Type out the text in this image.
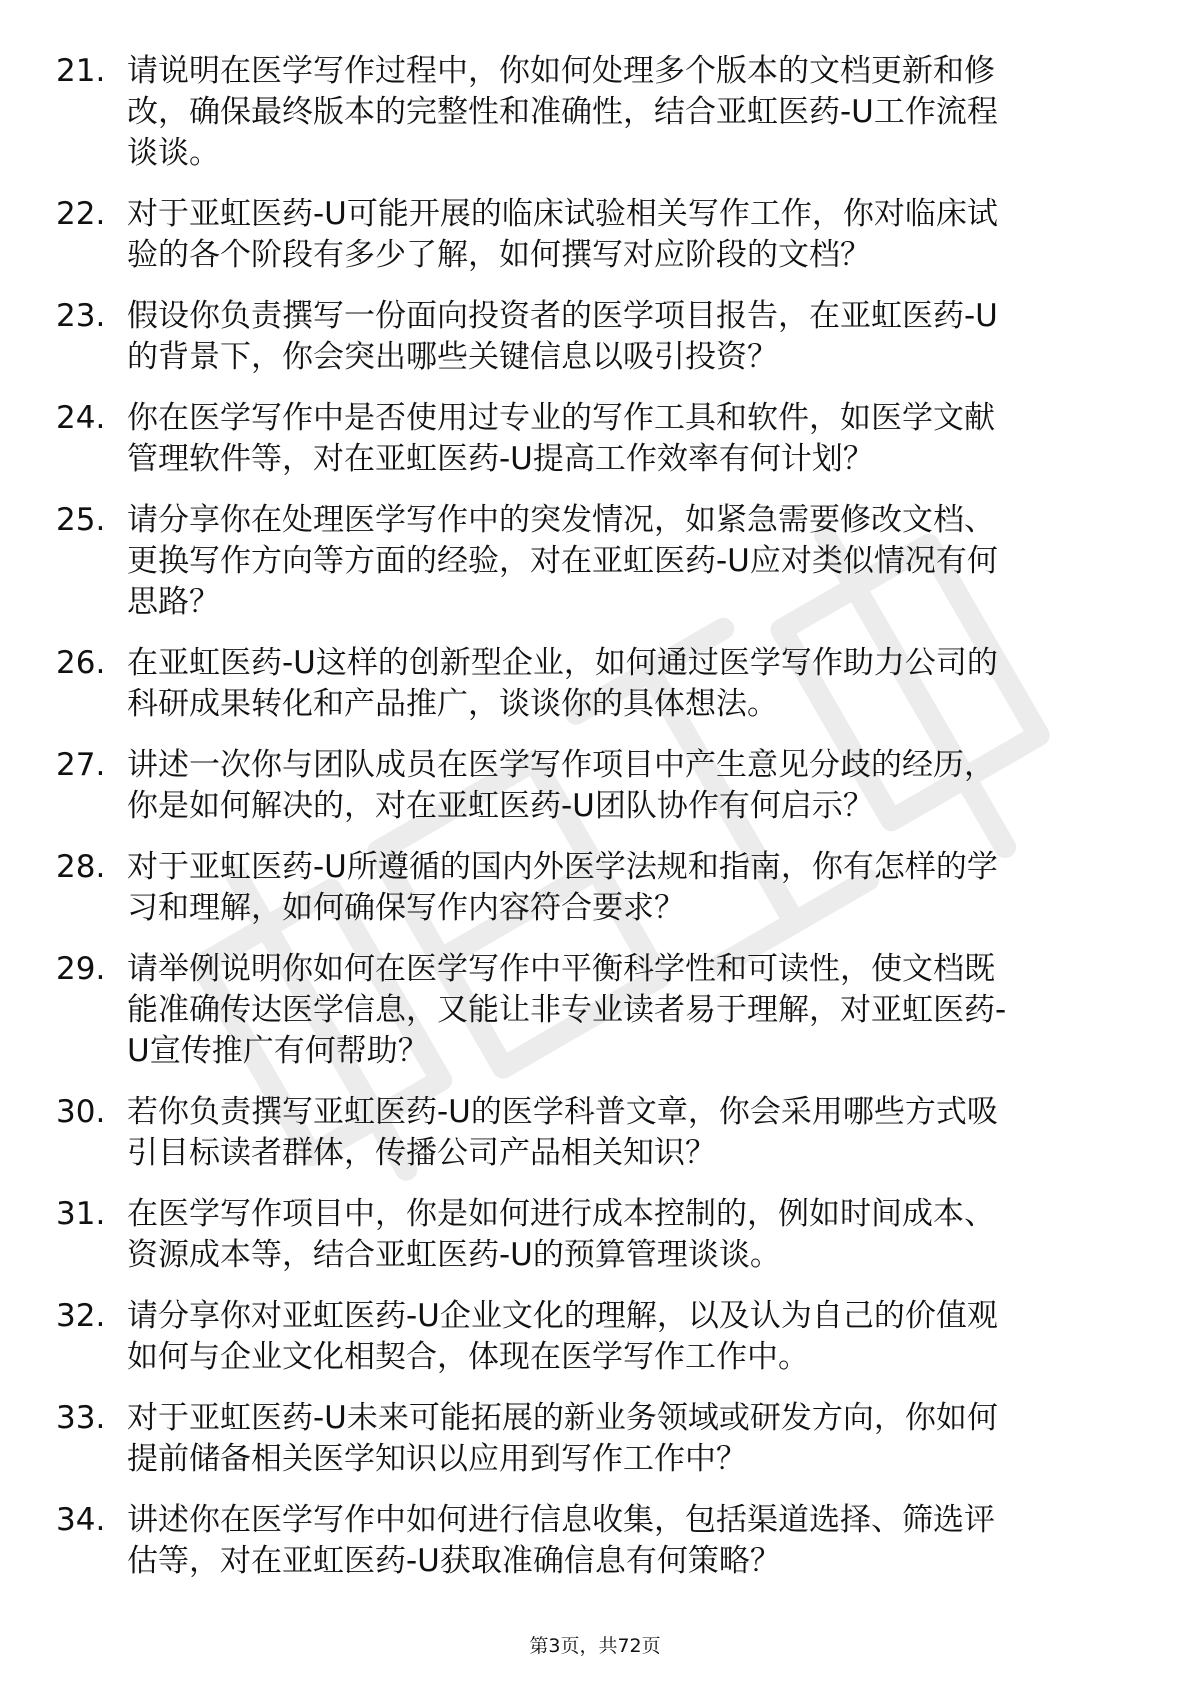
21. 请说明在医学写作过程中，你如何处理多个版本的文档更新和修
改，确保最终版本的完整性和准确性，结合亚虹医药-U工作流程
谈谈。
22. 对于亚虹医药-U可能开展的临床试验相关写作工作，你对临床试
验的各个阶段有多少了解，如何撰写对应阶段的文档？
23. 假设你负责撰写一份面向投资者的医学项目报告，在亚虹医药-U
的背景下，你会突出哪些关键信息以吸引投资？
24. 你在医学写作中是否使用过专业的写作工具和软件，如医学文献
管理软件等，对在亚虹医药-U提高工作效率有何计划？
25. 请分享你在处理医学写作中的突发情况，如紧急需要修改文档、
更换写作方向等方面的经验，对在亚虹医药-U应对类似情况有何
思路？
26. 在亚虹医药-U这样的创新型企业，如何通过医学写作助力公司的
科研成果转化和产品推广，谈谈你的具体想法。
27. 讲述一次你与团队成员在医学写作项目中产生意见分歧的经历，
你是如何解决的，对在亚虹医药-U团队协作有何启示？
28. 对于亚虹医药-U所遵循的国内外医学法规和指南，你有怎样的学
习和理解，如何确保写作内容符合要求？
29. 请举例说明你如何在医学写作中平衡科学性和可读性，使文档既
能准确传达医学信息，又能让非专业读者易于理解，对亚虹医药-
U宣传推广有何帮助？
30. 若你负责撰写亚虹医药-U的医学科普文章，你会采用哪些方式吸
引目标读者群体，传播公司产品相关知识？
31. 在医学写作项目中，你是如何进行成本控制的，例如时间成本、
资源成本等，结合亚虹医药-U的预算管理谈谈。
32. 请分享你对亚虹医药-U企业文化的理解，以及认为自己的价值观
如何与企业文化相契合，体现在医学写作工作中。
33. 对于亚虹医药-U未来可能拓展的新业务领域或研发方向，你如何
提前储备相关医学知识以应用到写作工作中？
34. 讲述你在医学写作中如何进行信息收集，包括渠道选择、筛选评
估等，对在亚虹医药-U获取准确信息有何策略？
第3页，共72页
